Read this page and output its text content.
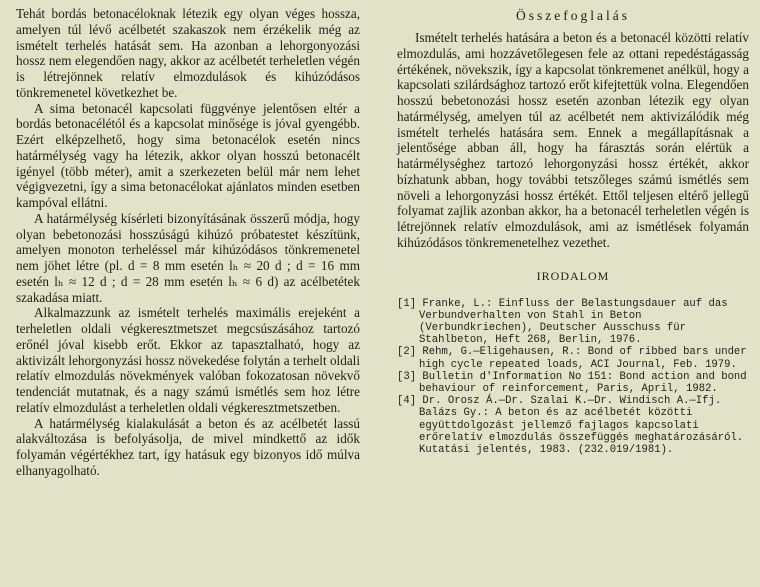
Tehát bordás betonacéloknak létezik egy olyan véges hossza, amelyen túl lévő acélbetét szakaszok nem érzékelik még az ismételt terhelés hatását sem. Ha azonban a lehorgonyozási hossz nem elegendően nagy, akkor az acélbetét terheletlen végén is létrejönnek relatív elmozdulások és kihúzódásos tönkremenetel következhet be.

A sima betonacél kapcsolati függvénye jelentősen eltér a bordás betonacélétól és a kapcsolat minősége is jóval gyengébb. Ezért elképzelhető, hogy sima betonacélok esetén nincs határmélység vagy ha létezik, akkor olyan hosszú betonacélt igényel (több méter), amit a szerkezeten belül már nem lehet végigvezetni, így a sima betonacélokat ajánlatos minden esetben kampóval ellátni.

A határmélység kísérleti bizonyításának összerű módja, hogy olyan bebetonozási hosszúságú kihúzó próbatestet készítünk, amelyen monoton terheléssel már kihúzódásos tönkremenetel nem jöhet létre (pl. d = 8 mm esetén lₕ ≈ 20 d ; d = 16 mm esetén lₕ ≈ 12 d ; d = 28 mm esetén lₕ ≈ 6 d) az acélbetétek szakadása miatt.

Alkalmazzunk az ismételt terhelés maximális erejeként a terheletlen oldali végkeresztmetszet megcsúszásához tartozó erőnél jóval kisebb erőt. Ekkor az tapasztalható, hogy az aktivizált lehorgonyzási hossz növekedése folytán a terhelt oldali relatív elmozdulás növekmények valóban fokozatosan növekvő tendenciát mutatnak, és a nagy számú ismétlés sem hoz létre relatív elmozdulást a terheletlen oldali végkeresztmetszetben.

A határmélység kialakulását a beton és az acélbetét lassú alakváltozása is befolyásolja, de mivel mindkettő az idők folyamán végértékhez tart, így hatásuk egy bizonyos idő múlva elhanyagolható.

Összefoglalás

Ismételt terhelés hatására a beton és a betonacél közötti relatív elmozdulás, ami hozzávetőlegesen fele az ottani repedéstágasság értékének, növekszik, így a kapcsolat tönkremenet anélkül, hogy a kapcsolati szilárdsághoz tartozó erőt kifejtettük volna. Elegendően hosszú bebetonozási hossz esetén azonban létezik egy olyan határmélység, amelyen túl az acélbetét nem aktivizálódik még ismételt terhelés hatására sem. Ennek a megállapításnak a jelentősége abban áll, hogy ha fárasztás során elértük a határmélységhez tartozó lehorgonyzási hossz értékét, akkor bízhatunk abban, hogy további tetszőleges számú ismétlés sem növeli a lehorgonyzási hossz értékét. Ettől teljesen eltérő jellegű folyamat zajlik azonban akkor, ha a betonacél terheletlen végén is létrejönnek relatív elmozdulások, ami az ismétlések folyamán kihúzódásos tönkremenetelhez vezethet.

IRODALOM
[1] Franke, L.: Einfluss der Belastungsdauer auf das Verbundverhalten von Stahl in Beton (Verbundkriechen), Deutscher Ausschuss für Stahlbeton, Heft 268, Berlin, 1976.
[2] Rehm, G.—Eligehausen, R.: Bond of ribbed bars under high cycle repeated loads, ACI Journal, Feb. 1979.
[3] Bulletin d'Information No 151: Bond action and bond behaviour of reinforcement, Paris, April, 1982.
[4] Dr. Orosz Á.—Dr. Szalai K.—Dr. Windisch A.—Ifj. Balázs Gy.: A beton és az acélbetét közötti együttdolgozást jellemző fajlagos kapcsolati erőrelatív elmozdulás összefüggés meghatározásáról. Kutatási jelentés, 1983. (232.019/1981).
